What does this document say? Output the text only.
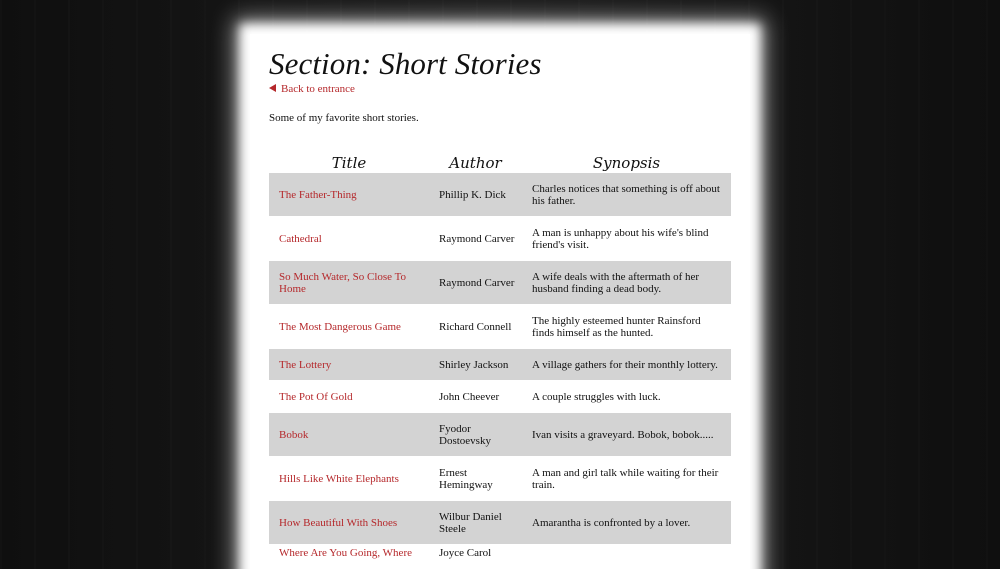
Section: Short Stories
Back to entrance
Some of my favorite short stories.
Title	Author	Synopsis
The Father-Thing	Phillip K. Dick	Charles notices that something is off about his father.
Cathedral	Raymond Carver	A man is unhappy about his wife's blind friend's visit.
So Much Water, So Close To Home	Raymond Carver	A wife deals with the aftermath of her husband finding a dead body.
The Most Dangerous Game	Richard Connell	The highly esteemed hunter Rainsford finds himself as the hunted.
The Lottery	Shirley Jackson	A village gathers for their monthly lottery.
The Pot Of Gold	John Cheever	A couple struggles with luck.
Bobok	Fyodor Dostoevsky	Ivan visits a graveyard. Bobok, bobok.....
Hills Like White Elephants	Ernest Hemingway	A man and girl talk while waiting for their train.
How Beautiful With Shoes	Wilbur Daniel Steele	Amarantha is confronted by a lover.
Where Are You Going, Where	Joyce Carol	
